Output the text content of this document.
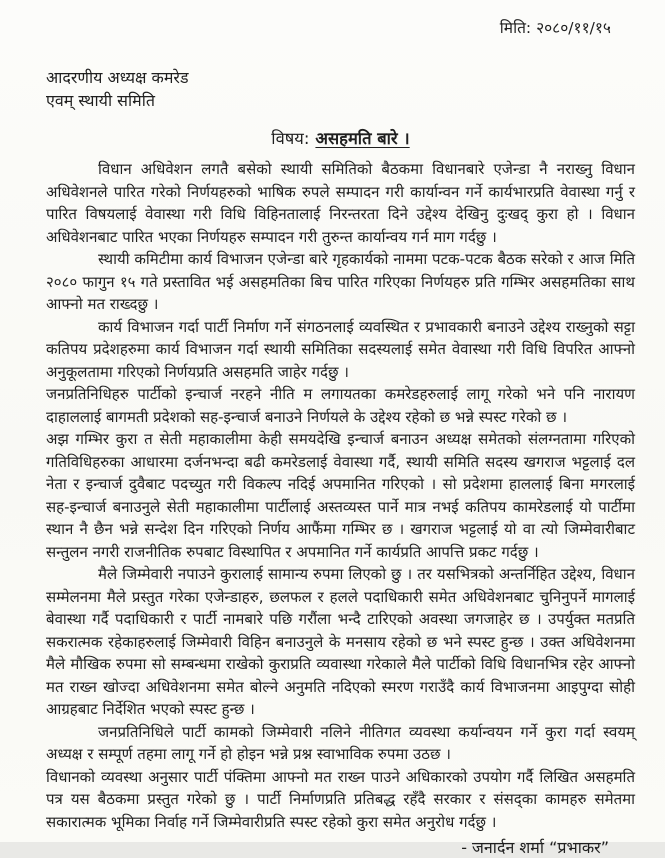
मिति: २०८०/११/१५
आदरणीय अध्यक्ष कमरेड
एवम् स्थायी समिति
विषय: असहमति बारे ।

विधान अधिवेशन लगतै बसेको स्थायी समितिको बैठकमा विधानबारे एजेन्डा नै नराख्नु विधान अधिवेशनले पारित गरेको निर्णयहरुको भाषिक रुपले सम्पादन गरी कार्यान्वन गर्ने कार्यभारप्रति वेवास्था गर्नु र पारित विषयलाई वेवास्था गरी विधि विहिनतालाई निरन्तरता दिने उद्देश्य देखिनु दुःखद् कुरा हो । विधान अधिवेशनबाट पारित भएका निर्णयहरु सम्पादन गरी तुरुन्त कार्यान्वय गर्न माग गर्दछु ।

स्थायी कमिटीमा कार्य विभाजन एजेन्डा बारे गृहकार्यको नाममा पटक-पटक बैठक सरेको र आज मिति २०८० फागुन १५ गते प्रस्तावित भई असहमतिका बिच पारित गरिएका निर्णयहरु प्रति गम्भिर असहमतिका साथ आफ्नो मत राख्दछु ।

कार्य विभाजन गर्दा पार्टी निर्माण गर्ने संगठनलाई व्यवस्थित र प्रभावकारी बनाउने उद्देश्य राख्नुको सट्टा कतिपय प्रदेशहरुमा कार्य विभाजन गर्दा स्थायी समितिका सदस्यलाई समेत वेवास्था गरी विधि विपरित आफ्नो अनुकूलतामा गरिएको निर्णयप्रति असहमति जाहेर गर्दछु ।

जनप्रतिनिधिहरु पार्टीको इन्चार्ज नरहने नीति म लगायतका कमरेडहरुलाई लागू गरेको भने पनि नारायण दाहाललाई बागमती प्रदेशको सह-इन्चार्ज बनाउने निर्णयले के उद्देश्य रहेको छ भन्ने स्पस्ट गरेको छ ।

अझ गम्भिर कुरा त सेती महाकालीमा केही समयदेखि इन्चार्ज बनाउन अध्यक्ष समेतको संलग्नतामा गरिएको गतिविधिहरुका आधारमा दर्जनभन्दा बढी कमरेडलाई वेवास्था गर्दै, स्थायी समिति सदस्य खगराज भट्टलाई दल नेता र इन्चार्ज दुवैबाट पदच्युत गरी विकल्प नदिई अपमानित गरिएको । सो प्रदेशमा हाललाई बिना मगरलाई सह-इन्चार्ज बनाउनुले सेती महाकालीमा पार्टीलाई अस्तव्यस्त पार्ने मात्र नभई कतिपय कामरेडलाई यो पार्टीमा स्थान नै छैन भन्ने सन्देश दिन गरिएको निर्णय आफैंमा गम्भिर छ । खगराज भट्टलाई यो वा त्यो जिम्मेवारीबाट सन्तुलन नगरी राजनीतिक रुपबाट विस्थापित र अपमानित गर्ने कार्यप्रति आपत्ति प्रकट गर्दछु ।

मैले जिम्मेवारी नपाउने कुरालाई सामान्य रुपमा लिएको छु । तर यसभित्रको अन्तर्निहित उद्देश्य, विधान सम्मेलनमा मैले प्रस्तुत गरेका एजेन्डाहरु, छलफल र हलले पदाधिकारी समेत अधिवेशनबाट चुनिनुपर्ने मागलाई बेवास्था गर्दै पदाधिकारी र पार्टी नामबारे पछि गरौंला भन्दै टारिएको अवस्था जगजाहेर छ । उपर्युक्त मतप्रति सकरात्मक रहेकाहरुलाई जिम्मेवारी विहिन बनाउनुले के मनसाय रहेको छ भने स्पस्ट हुन्छ । उक्त अधिवेशनमा मैले मौखिक रुपमा सो सम्बन्धमा राखेको कुराप्रति व्यवास्था गरेकाले मैले पार्टीको विधि विधानभित्र रहेर आफ्नो मत राख्न खोज्दा अधिवेशनमा समेत बोल्ने अनुमति नदिएको स्मरण गराउँदै कार्य विभाजनमा आइपुग्दा सोही आग्रहबाट निर्देशित भएको स्पस्ट हुन्छ ।

जनप्रतिनिधिले पार्टी कामको जिम्मेवारी नलिने नीतिगत व्यवस्था कर्यान्वयन गर्ने कुरा गर्दा स्वयम् अध्यक्ष र सम्पूर्ण तहमा लागू गर्ने हो होइन भन्ने प्रश्न स्वाभाविक रुपमा उठछ ।

विधानको व्यवस्था अनुसार पार्टी पंक्तिमा आफ्नो मत राख्न पाउने अधिकारको उपयोग गर्दै लिखित असहमति पत्र यस बैठकमा प्रस्तुत गरेको छु । पार्टी निर्माणप्रति प्रतिबद्ध रहँदै सरकार र संसद्का कामहरु समेतमा सकारात्मक भूमिका निर्वाह गर्ने जिम्मेवारीप्रति स्पस्ट रहेको कुरा समेत अनुरोध गर्दछु ।

- जनार्दन शर्मा “प्रभाकर”
